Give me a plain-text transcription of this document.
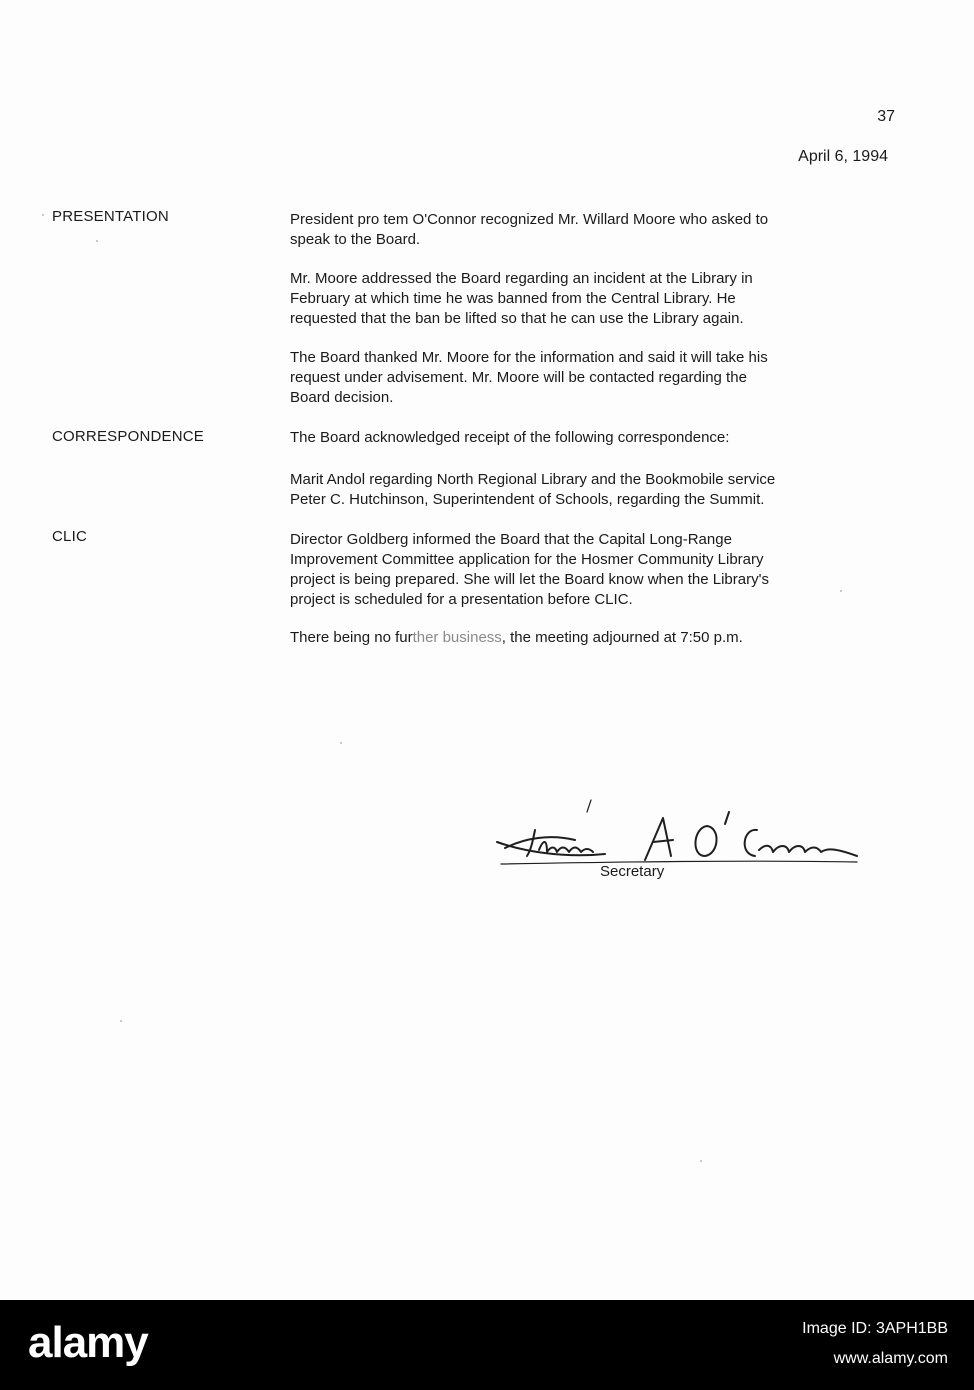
37
April 6, 1994
PRESENTATION	President pro tem O'Connor recognized Mr. Willard Moore who asked to
speak to the Board.
Mr. Moore addressed the Board regarding an incident at the Library in
February at which time he was banned from the Central Library. He
requested that the ban be lifted so that he can use the Library again.
The Board thanked Mr. Moore for the information and said it will take his
request under advisement. Mr. Moore will be contacted regarding the
Board decision.
CORRESPONDENCE	The Board acknowledged receipt of the following correspondence:
Marit Andol regarding North Regional Library and the Bookmobile service
Peter C. Hutchinson, Superintendent of Schools, regarding the Summit.
CLIC	Director Goldberg informed the Board that the Capital Long-Range
Improvement Committee application for the Hosmer Community Library
project is being prepared. She will let the Board know when the Library's
project is scheduled for a presentation before CLIC.
There being no further business, the meeting adjourned at 7:50 p.m.
Secretary
alamy	Image ID: 3APH1BB
www.alamy.com
